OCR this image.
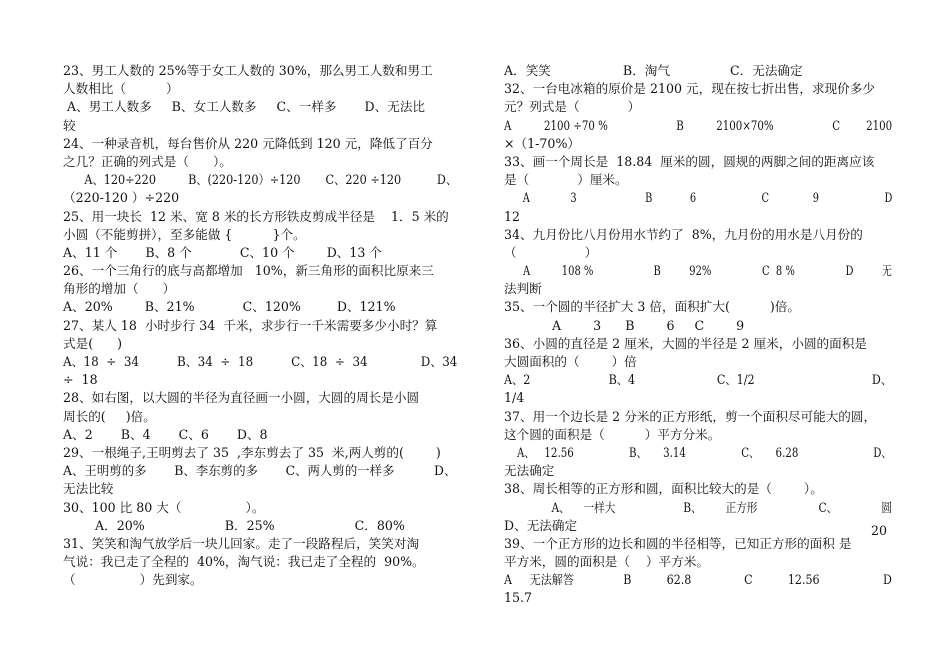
23、男工人数的 25%等于女工人数的 30%，那么男工人数和男工
人数相比（          ）
A、男工人数多     B、女工人数多     C、一样多       D、无法比
较
24、一种录音机，每台售价从 220 元降低到 120 元，降低了百分
之几？正确的列式是（      ）。
A、120÷220         B、(220-120）÷120       C、220 ÷120          D、
（220-120 ）÷220
25、用一块长  12 米、宽 8 米的长方形铁皮剪成半径是    1．5 米的
小圆（不能剪拼），至多能做 {          }个。
A、11 个       B、8 个            C、10 个        D、13 个
26、一个三角行的底与高都增加   10%，新三角形的面积比原来三
角形的增加（      ）
A、20%        B、21%            C、120%         D、121%
27、某人 18  小时步行 34  千米，求步行一千米需要多少小时？算
式是(      )
A、18  ÷  34          B、34  ÷  18          C、18  ÷  34              D、34
÷  18
28、如右图，以大圆的半径为直径画一小圆，大圆的周长是小圆
周长的(     )倍。
A、2       B、4       C、6       D、8
29、一根绳子,王明剪去了 35  ,李东剪去了 35  米,两人剪的(        )
A、王明剪的多       B、李东剪的多       C、两人剪的一样多          D、
无法比较
30、100 比 80 大（                ）。
A．20%                    B．25%                    C．80%
31、笑笑和淘气放学后一块儿回家。走了一段路程后，笑笑对淘
气说：我已走了全程的  40%，淘气说：我已走了全程的  90%。
（                ）先到家。
A．笑笑                  B．淘气               C．无法确定
32、一台电冰箱的原价是 2100 元，现在按七折出售，求现价多少
元？列式是（            ）
A          2100 ÷70 %                     B          2100×70%                  C        2100
×（1-70%）
33、画一个周长是  18.84  厘米的圆，圆规的两脚之间的距离应该
是（            ）厘米。
A             3                      B            6                     C              9                     D
12
34、九月份比八月份用水节约了  8%，九月份的用水是八月份的
（                 ）
A          108 %                   B         92%                C  8 %                D         无
法判断
35、一个圆的半径扩大 3 倍，面积扩大(          )倍。
A        3      B        6     C        9
36、小圆的直径是 2 厘米，大圆的半径是 2 厘米，小圆的面积是
大圆面积的（        ）倍
A、2                      B、4                       C、1/2                                 D、
1/4
37、用一个边长是 2 分米的正方形纸，剪一个面积尽可能大的圆，
这个圆的面积是（          ）平方分米。
A、   12.56                 B、     3.14                 C、     6.28                       D、
无法确定
38、周长相等的正方形和圆，面积比较大的是（        ）。
A、    一样大                    B、       正方形                  C、             圆
D、无法确定
39、一个正方形的边长和圆的半径相等，已知正方形的面积 是
平方米，圆的面积是（    ）平方米。
A     无法解答              B          62.8               C          12.56                  D
15.7
20
